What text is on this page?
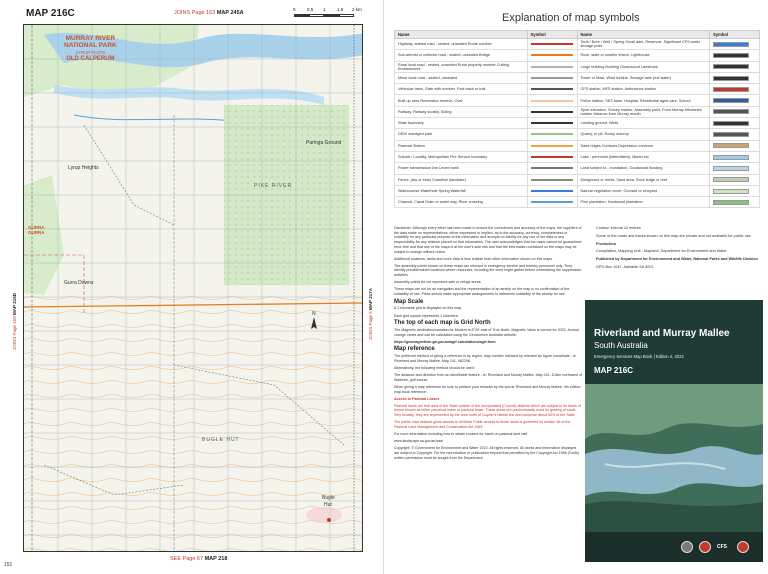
MAP 216C	JOINS Page 163 MAP 245A
0	0.5 1	1.5 2 km
N
MURRAY RIVER
NATIONAL PARK
LYRUP FLATS
OLD CALPERUM
GURRA
GURRA
PIKE RIVER
BUGLE HUT
Lyrup Heights
Gurra Downs
Paringa Ground
Bugle
Hut
JOINS Page 159 MAP 215D
JOINS Page 5 MAP 217A
SEE Page 67 MAP 218
151
Explanation of map symbols
Name	Symbol	Name	Symbol
Highway, arterial road - sealed, unsealed Route number		Tank / Bore / Well / Spring Small dam, Reservoir, Significant CFS water storage point	
Sub-arterial or collector road - sealed, unsealed Bridge		Rock, state or smaller Wreck, Lighthouse	
Rural local road - sealed, unsealed Rural property number Cutting Embankment		Large building Building Gloss/scout Landmark	
Minor local road - sealed, unsealed		Tower or Mast, Wind turbine, Sewage tank (not water)	
Vehicular track, Gate with number, Foot track or trail		CFS station, MFS station, Ambulance station	
Built up area Recreation reserve, Oval		Police station, SES base, Hospital, Residential aged care, School	
Railway, Railway locality, Siding		Sport elevation, Survey marker, Assembly point, From Murray tributaries marker distance from Murray mouth	
State boundary		Landing ground, Wells	
DEW managed park		Quarry, or pit, Rocky outcrop	
Pastoral Station		Sand ridges Contours Depression contours	
Suburb / Locality, Metropolitan Fire Service boundary		Lake - perennial (intermittent), Marsh etc	
Power transmission line Levee bank		Land subject to - inundation, Occasional flooding	
Fence, (dry or blue) Coastline (landlake)		Mangroves or reeds, Sand area, Rock ledge or reef	
Watercourse Waterhole Spring Waterfall		Natural vegetation cover, Orchard or vineyard	
Channel, Canal Drain or water way, River crossing		Pine plantation, Hardwood plantation	

Disclaimer: Although every effort has been made to ensure the correctness and accuracy of the maps, the suppliers of the data make no representations, either expressed or implied, as to the accuracy, currency, completeness or suitability for any particular purpose of the information and accepts no liability for any use of the data or any responsibility for any reliance placed on that information. The user acknowledges that the maps cannot be guaranteed error-free and that use of the maps is at the user's sole risk and that the information contained on the maps may be subject to change without notice.

Additional locations, tanks and more data is less reliable than other information shown on this maps.

The assembly points shown on these maps are relevant to emergency service and forestry personnel only. They identify predetermined locations where resources, including fire crew might gather before undertaking fire suppression activities.

Assembly points do not represent safe or refuge areas.

These maps are not for air navigation and the representation of an airstrip on the map is no confirmation of the suitability of use. Pilots should make appropriate arrangements to determine suitability of the airstrip for use.

Map Scale

A 1 kilometre grid is displayed on this map.

Each grid square represents 1 kilometre.

The top of each map is Grid North

The Magnetic declination/variation for Modern is 8°29' east of True North. Magnetic Value is correct for 2022. Annual change varies and can be calculated using the Geoscience Australia website:

https://geomagnetism.ga.gov.au/agrf-calculations/agrf-form

Map reference

The preferred method of giving a reference is by region, map number followed by relevant six figure coordinate - ie Riverland and Murray Mallee, Map 241, 982298.

Alternatively, the following method should be used:

The distance and direction from an identifiable feature - ie: Riverland and Murray Mallee, Map 241, 8.5km northwest of Waikerie, golf course.

When giving a map reference be sure to preface your remarks by the words 'Riverland and Murray Mallee, 4th edition map book reference'.

Access to Pastoral Leases

Pastoral lands are that area of the State outside of the incorporated (Council) districts which are subject to its forms of tenure known as either perpetual lease or pastoral lease. These areas are predominantly used for grazing of stock. Very broadly, they are represented by the area north of Goyder's rainfall line and comprise about 50% of the State.

The public road network gives access to all these Public access to these lands is governed by section 48 of the Pastoral Land Management and Conservation Act 1989.

For more information including how to obtain consent for travel on pastoral land visit

www.landscape.sa.gov.au/saal

Copyright: © Government for Environment and Water 2022. All rights reserved. All works and information displayed are subject to Copyright. For the reproduction or publication beyond that permitted by the Copyright Act 1968 (Cwlth) written permission must be sought from the Department.

Contour interval 10 metres

Some of the roads and tracks shown on this map are private and not available for public use.

Production

Compilation, Mapping Unit - Mapland, Department for Environment and Water

Published by Department for Environment and Water, National Parks and Wildlife Division

GPO Box 1047, Adelaide SA 5001

Riverland and Murray Mallee
South Australia
Emergency Services Map Book | Edition 4, 2022
MAP 216C
CFS
